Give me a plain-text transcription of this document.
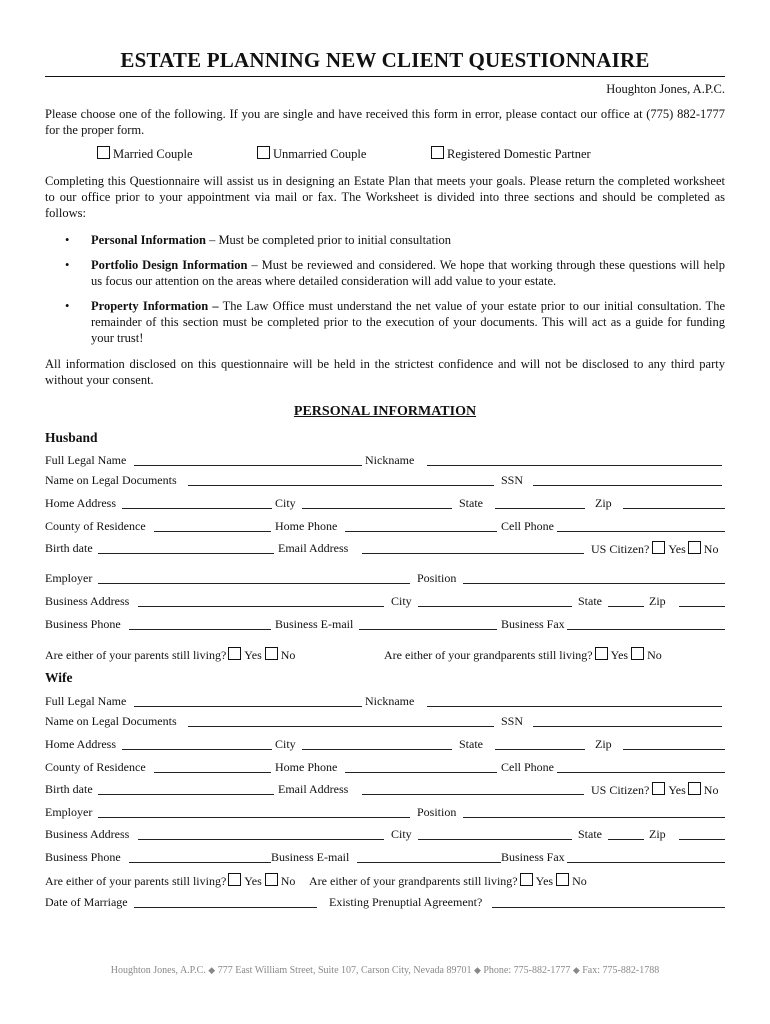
ESTATE PLANNING NEW CLIENT QUESTIONNAIRE
Houghton Jones, A.P.C.
Please choose one of the following. If you are single and have received this form in error, please contact our office at (775) 882-1777 for the proper form.
Married Couple	Unmarried Couple	Registered Domestic Partner
Completing this Questionnaire will assist us in designing an Estate Plan that meets your goals. Please return the completed worksheet to our office prior to your appointment via mail or fax. The Worksheet is divided into three sections and should be completed as follows:
• Personal Information – Must be completed prior to initial consultation
• Portfolio Design Information – Must be reviewed and considered. We hope that working through these questions will help us focus our attention on the areas where detailed consideration will add value to your estate.
• Property Information – The Law Office must understand the net value of your estate prior to our initial consultation. The remainder of this section must be completed prior to the execution of your documents. This will act as a guide for funding your trust!
All information disclosed on this questionnaire will be held in the strictest confidence and will not be disclosed to any third party without your consent.
PERSONAL INFORMATION
Husband
Full Legal Name	Nickname
Name on Legal Documents	SSN
Home Address	City	State	Zip
County of Residence	Home Phone	Cell Phone
Birth date	Email Address	US Citizen? Yes No
Employer	Position
Business Address	City	State	Zip
Business Phone	Business E-mail	Business Fax
Are either of your parents still living? Yes No	Are either of your grandparents still living? Yes No
Wife
Full Legal Name	Nickname
Name on Legal Documents	SSN
Home Address	City	State	Zip
County of Residence	Home Phone	Cell Phone
Birth date	Email Address	US Citizen? Yes No
Employer	Position
Business Address	City	State	Zip
Business Phone	Business E-mail	Business Fax
Are either of your parents still living? Yes No Are either of your grandparents still living? Yes No
Date of Marriage	Existing Prenuptial Agreement?
Houghton Jones, A.P.C. ◆ 777 East William Street, Suite 107, Carson City, Nevada 89701 ◆ Phone: 775-882-1777 ◆ Fax: 775-882-1788
